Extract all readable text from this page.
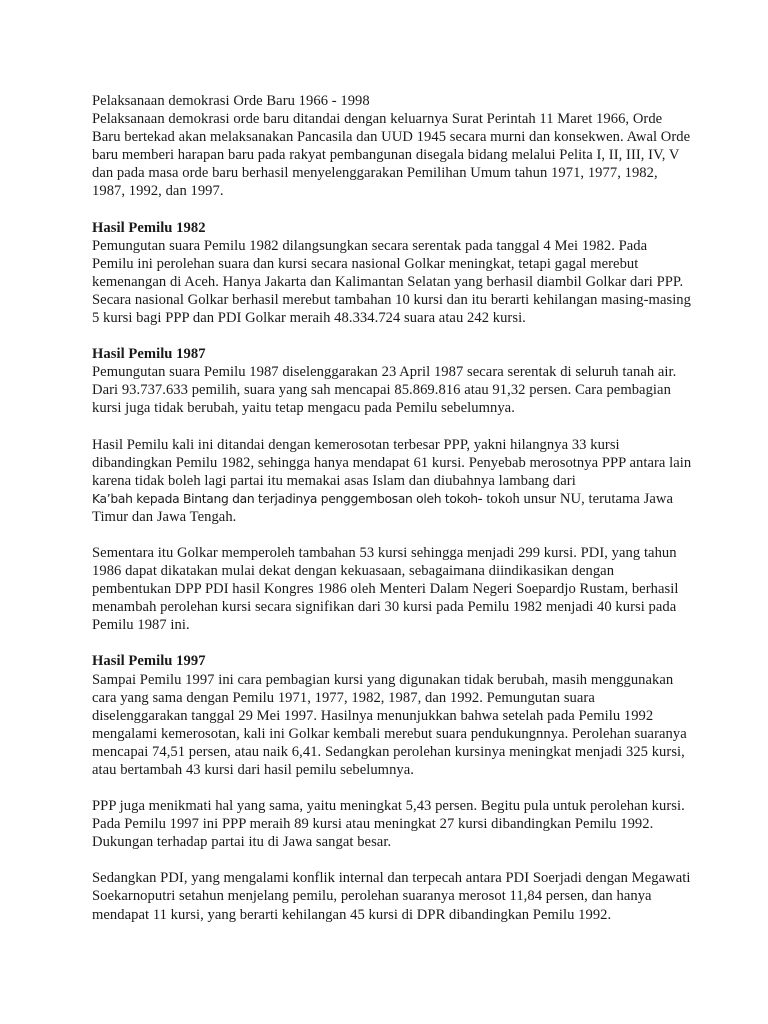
Pelaksanaan demokrasi Orde Baru 1966 - 1998

Pelaksanaan demokrasi orde baru ditandai dengan keluarnya Surat Perintah 11 Maret 1966, Orde Baru bertekad akan melaksanakan Pancasila dan UUD 1945 secara murni dan konsekwen. Awal Orde baru memberi harapan baru pada rakyat pembangunan disegala bidang melalui Pelita I, II, III, IV, V dan pada masa orde baru berhasil menyelenggarakan Pemilihan Umum tahun 1971, 1977, 1982, 1987, 1992, dan 1997.

Hasil Pemilu 1982

Pemungutan suara Pemilu 1982 dilangsungkan secara serentak pada tanggal 4 Mei 1982. Pada Pemilu ini perolehan suara dan kursi secara nasional Golkar meningkat, tetapi gagal merebut kemenangan di Aceh. Hanya Jakarta dan Kalimantan Selatan yang berhasil diambil Golkar dari PPP. Secara nasional Golkar berhasil merebut tambahan 10 kursi dan itu berarti kehilangan masing-masing 5 kursi bagi PPP dan PDI Golkar meraih 48.334.724 suara atau 242 kursi.

Hasil Pemilu 1987

Pemungutan suara Pemilu 1987 diselenggarakan 23 April 1987 secara serentak di seluruh tanah air. Dari 93.737.633 pemilih, suara yang sah mencapai 85.869.816 atau 91,32 persen. Cara pembagian kursi juga tidak berubah, yaitu tetap mengacu pada Pemilu sebelumnya.

Hasil Pemilu kali ini ditandai dengan kemerosotan terbesar PPP, yakni hilangnya 33 kursi dibandingkan Pemilu 1982, sehingga hanya mendapat 61 kursi. Penyebab merosotnya PPP antara lain karena tidak boleh lagi partai itu memakai asas Islam dan diubahnya lambang dari
Ka’bah kepada Bintang dan terjadinya penggembosan oleh tokoh- tokoh unsur NU, terutama Jawa Timur dan Jawa Tengah.

Sementara itu Golkar memperoleh tambahan 53 kursi sehingga menjadi 299 kursi. PDI, yang tahun 1986 dapat dikatakan mulai dekat dengan kekuasaan, sebagaimana diindikasikan dengan pembentukan DPP PDI hasil Kongres 1986 oleh Menteri Dalam Negeri Soepardjo Rustam, berhasil menambah perolehan kursi secara signifikan dari 30 kursi pada Pemilu 1982 menjadi 40 kursi pada Pemilu 1987 ini.

Hasil Pemilu 1997

Sampai Pemilu 1997 ini cara pembagian kursi yang digunakan tidak berubah, masih menggunakan cara yang sama dengan Pemilu 1971, 1977, 1982, 1987, dan 1992. Pemungutan suara diselenggarakan tanggal 29 Mei 1997. Hasilnya menunjukkan bahwa setelah pada Pemilu 1992 mengalami kemerosotan, kali ini Golkar kembali merebut suara pendukungnnya. Perolehan suaranya mencapai 74,51 persen, atau naik 6,41. Sedangkan perolehan kursinya meningkat menjadi 325 kursi, atau bertambah 43 kursi dari hasil pemilu sebelumnya.

PPP juga menikmati hal yang sama, yaitu meningkat 5,43 persen. Begitu pula untuk perolehan kursi. Pada Pemilu 1997 ini PPP meraih 89 kursi atau meningkat 27 kursi dibandingkan Pemilu 1992. Dukungan terhadap partai itu di Jawa sangat besar.

Sedangkan PDI, yang mengalami konflik internal dan terpecah antara PDI Soerjadi dengan Megawati Soekarnoputri setahun menjelang pemilu, perolehan suaranya merosot 11,84 persen, dan hanya mendapat 11 kursi, yang berarti kehilangan 45 kursi di DPR dibandingkan Pemilu 1992.
